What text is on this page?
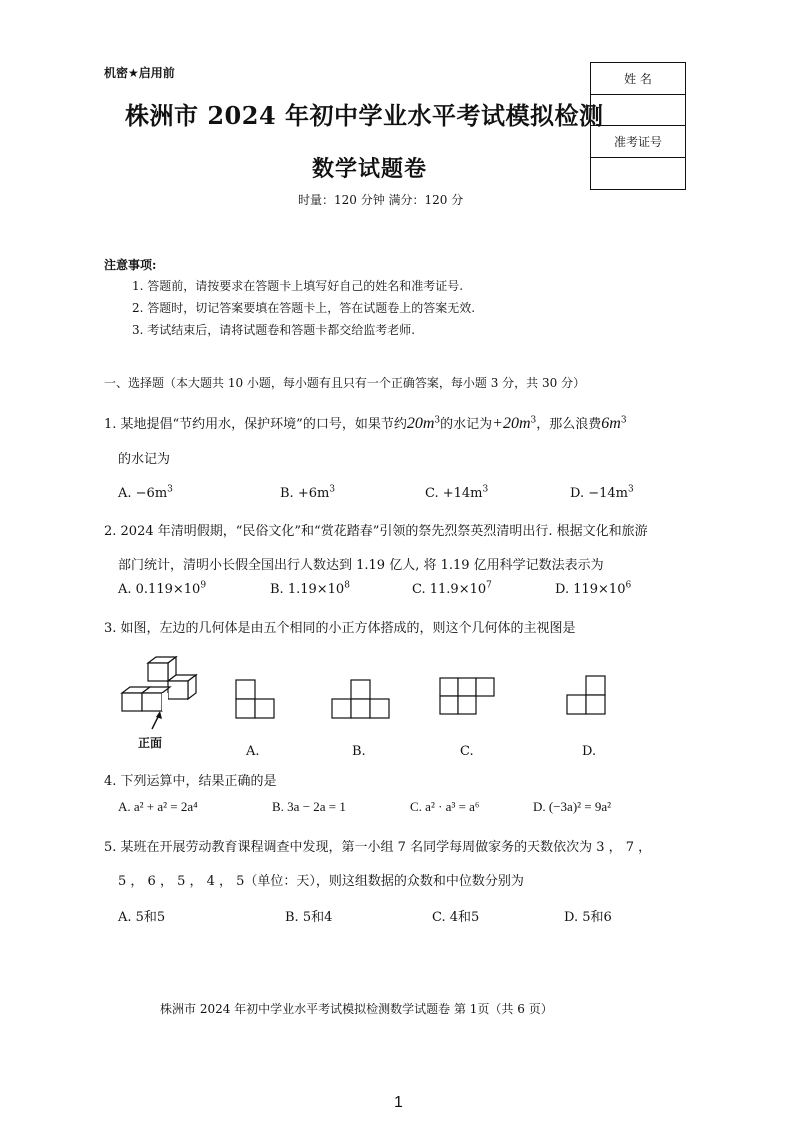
机密★启用前	姓 名
准考证号
株洲市 2024 年初中学业水平考试模拟检测
数学试题卷
时量：120 分钟 满分：120 分
注意事项:
1. 答题前，请按要求在答题卡上填写好自己的姓名和准考证号.
2. 答题时，切记答案要填在答题卡上，答在试题卷上的答案无效.
3. 考试结束后，请将试题卷和答题卡都交给监考老师.
一、选择题（本大题共 10 小题，每小题有且只有一个正确答案，每小题 3 分，共 30 分）
1. 某地提倡“节约用水，保护环境”的口号，如果节约$20m^3$的水记为$+20m^3$，那么浪费$6m^3$
的水记为
A. $-6m^3$	B. $+6m^3$	C. $+14m^3$	D. $-14m^3$
2. 2024 年清明假期，“民俗文化”和“赏花踏春”引领的祭先烈祭英烈清明出行. 根据文化和旅游
部门统计，清明小长假全国出行人数达到 1.19 亿人, 将 1.19 亿用科学记数法表示为
A. $0.119\times 10^9$	B. $1.19\times 10^8$	C. $11.9\times 10^7$	D. $119\times 10^6$
3. 如图，左边的几何体是由五个相同的小正方体搭成的，则这个几何体的主视图是
正面
A.	B.	C.	D.
4. 下列运算中，结果正确的是
A. a² + a² = 2a⁴	B. 3a − 2a = 1	C. a² · a³ = a⁶	D. (−3a)² = 9a²
5. 某班在开展劳动教育课程调查中发现，第一小组 7 名同学每周做家务的天数依次为 3 ， 7 ，
5 ， 6 ， 5 ， 4 ， 5（单位：天），则这组数据的众数和中位数分别为
A. 5和5	B. 5和4	C. 4和5	D. 5和6
株洲市 2024 年初中学业水平考试模拟检测数学试题卷 第 1页（共 6 页）
1
